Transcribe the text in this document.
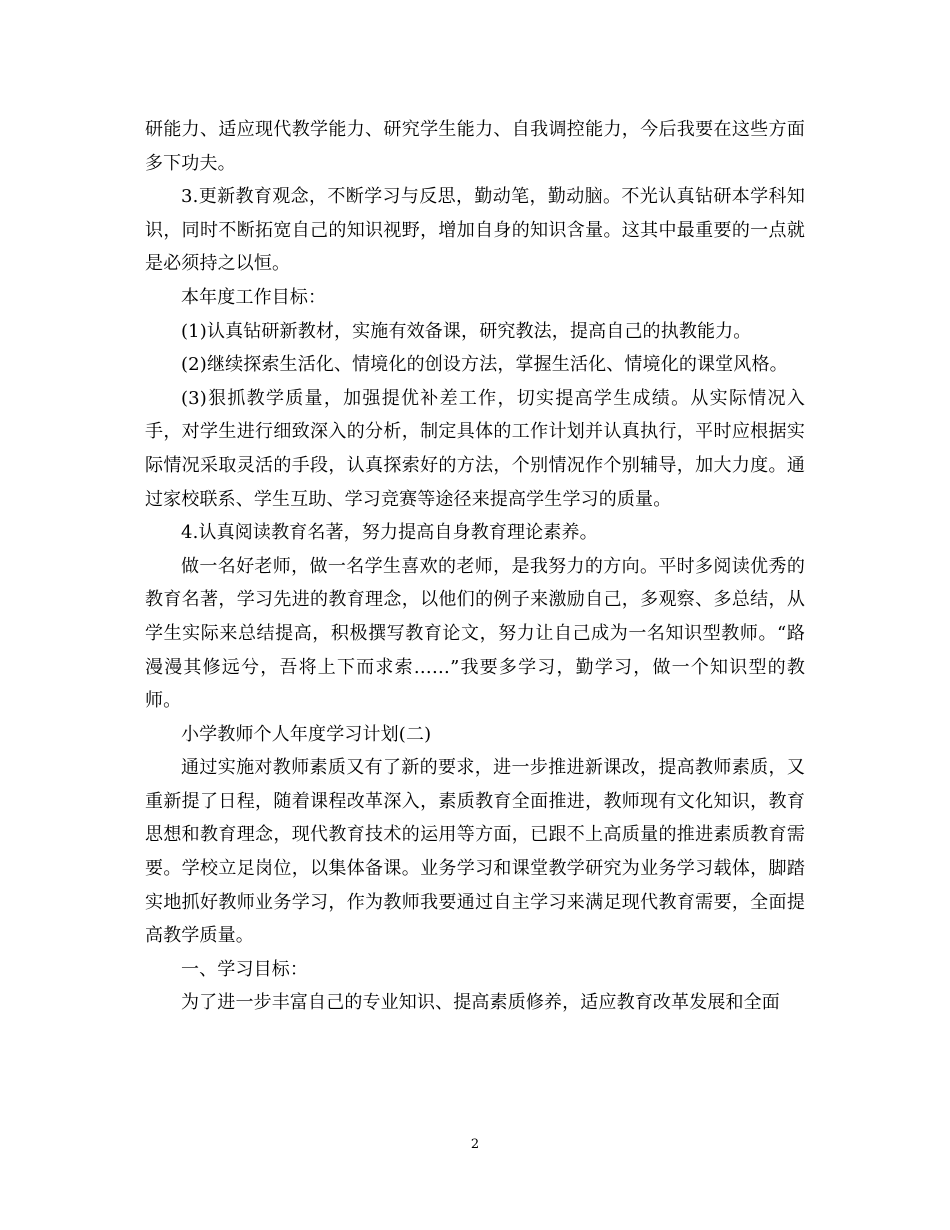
研能力、适应现代教学能力、研究学生能力、自我调控能力，今后我要在这些方面多下功夫。

3.更新教育观念，不断学习与反思，勤动笔，勤动脑。不光认真钻研本学科知识，同时不断拓宽自己的知识视野，增加自身的知识含量。这其中最重要的一点就是必须持之以恒。

本年度工作目标：

(1)认真钻研新教材，实施有效备课，研究教法，提高自己的执教能力。

(2)继续探索生活化、情境化的创设方法，掌握生活化、情境化的课堂风格。

(3)狠抓教学质量，加强提优补差工作，切实提高学生成绩。从实际情况入手，对学生进行细致深入的分析，制定具体的工作计划并认真执行，平时应根据实际情况采取灵活的手段，认真探索好的方法，个别情况作个别辅导，加大力度。通过家校联系、学生互助、学习竞赛等途径来提高学生学习的质量。

4.认真阅读教育名著，努力提高自身教育理论素养。

做一名好老师，做一名学生喜欢的老师，是我努力的方向。平时多阅读优秀的教育名著，学习先进的教育理念，以他们的例子来激励自己，多观察、多总结，从学生实际来总结提高，积极撰写教育论文，努力让自己成为一名知识型教师。“路漫漫其修远兮，吾将上下而求索……”我要多学习，勤学习，做一个知识型的教师。

小学教师个人年度学习计划(二)

通过实施对教师素质又有了新的要求，进一步推进新课改，提高教师素质，又重新提了日程，随着课程改革深入，素质教育全面推进，教师现有文化知识，教育思想和教育理念，现代教育技术的运用等方面，已跟不上高质量的推进素质教育需要。学校立足岗位，以集体备课。业务学习和课堂教学研究为业务学习载体，脚踏实地抓好教师业务学习，作为教师我要通过自主学习来满足现代教育需要，全面提高教学质量。

一、学习目标：

为了进一步丰富自己的专业知识、提高素质修养，适应教育改革发展和全面

2
